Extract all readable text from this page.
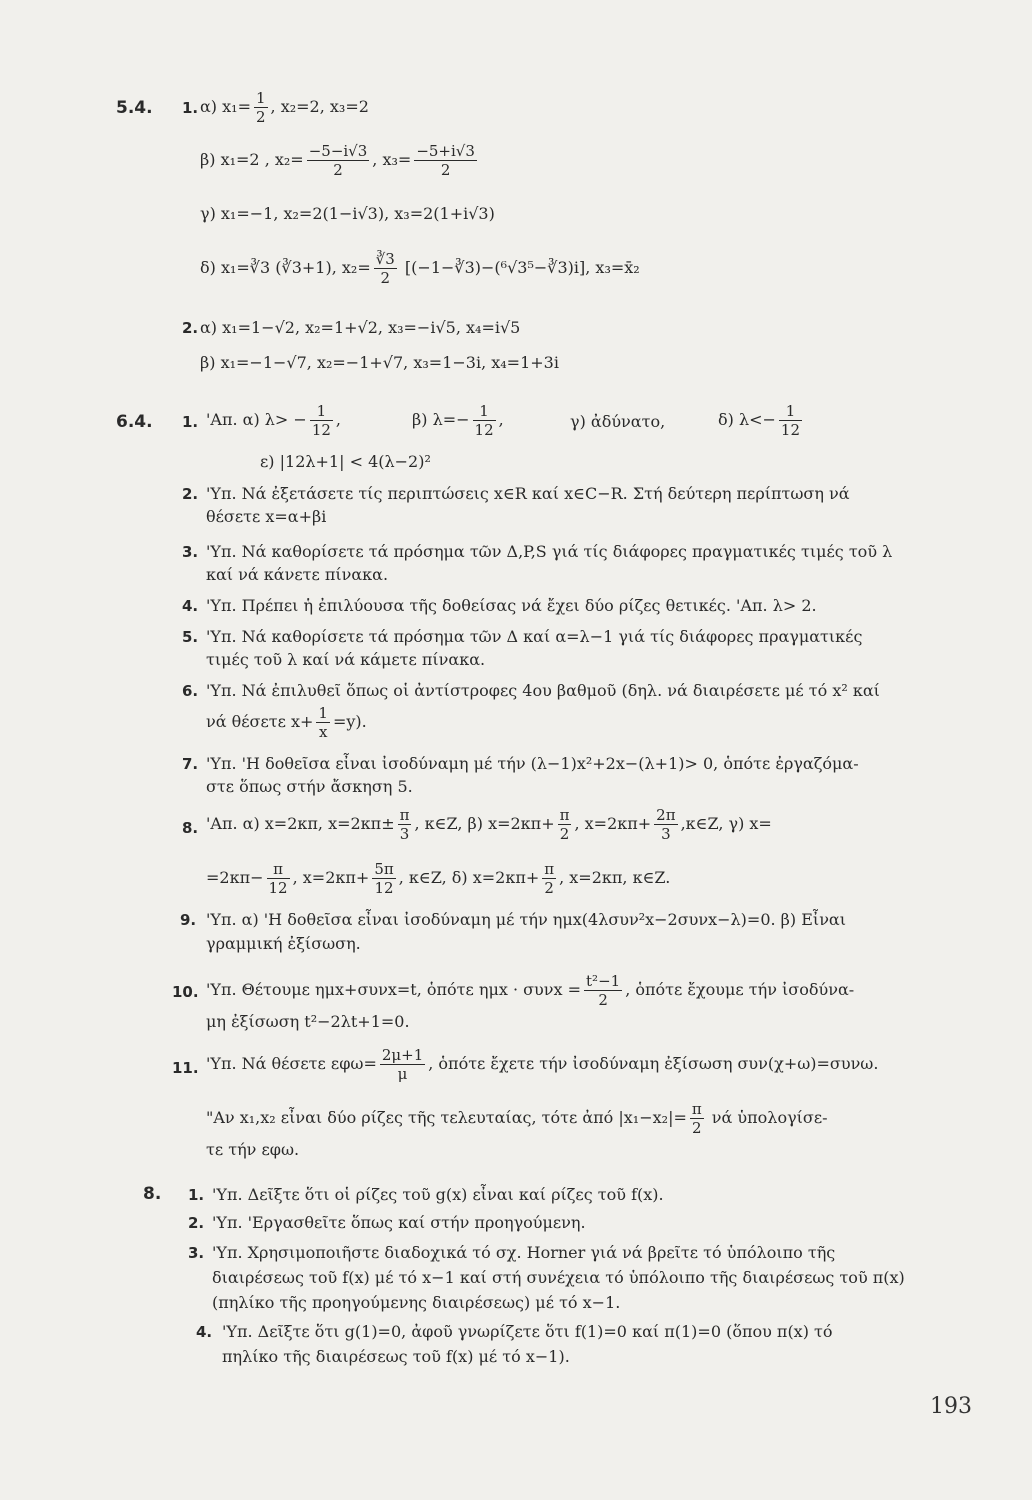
5.4. 1. α) $x_1= \frac{1}{2}$ , x₂=2, x₃=2
β) x₁=2 , $x_2= \frac{-5-i√3}{2}$ , $x_3= \frac{-5+i√3}{2}$
γ) x₁=−1, x₂=2(1−i√3), x₃=2(1+i√3)
δ) x₁=∛3 (∛3+1), $x_2= \frac{∛3}{2}$ [(−1−∛3)−(⁶√3⁵−∛3)i], x₃=x̄₂
2. α) x₁=1−√2, x₂=1+√2, x₃=−i√5, x₄=i√5
β) x₁=−1−√7, x₂=−1+√7, x₃=1−3i, x₄=1+3i
6.4. 1. 'Απ. α) $\lambda> - \frac{1}{12}$ ,	β) $\lambda=- \frac{1}{12}$ ,	γ) ἀδύνατο,	δ) $\lambda<- \frac{1}{12}$
ε) |12λ+1| < 4(λ−2)²
2. 'Υπ. Νά ἐξετάσετε τίς περιπτώσεις x∈R καί x∈C−R. Στή δεύτερη περίπτωση νά
θέσετε x=α+βi
3. 'Υπ. Νά καθορίσετε τά πρόσημα τῶν Δ,P,S γιά τίς διάφορες πραγματικές τιμές τοῦ λ
καί νά κάνετε πίνακα.
4. 'Υπ. Πρέπει ἡ ἐπιλύουσα τῆς δοθείσας νά ἔχει δύο ρίζες θετικές. 'Απ. λ> 2.
5. 'Υπ. Νά καθορίσετε τά πρόσημα τῶν Δ καί α=λ−1 γιά τίς διάφορες πραγματικές
τιμές τοῦ λ καί νά κάμετε πίνακα.
6. 'Υπ. Νά ἐπιλυθεῖ ὅπως οἱ ἀντίστροφες 4ου βαθμοῦ (δηλ. νά διαιρέσετε μέ τό x² καί
νά θέσετε $x+ \frac{1}{x} =y$).
7. 'Υπ. 'Η δοθεῖσα εἶναι ἰσοδύναμη μέ τήν (λ−1)x²+2x−(λ+1)> 0, ὁπότε ἐργαζόμα-
στε ὅπως στήν ἄσκηση 5.
8. 'Απ. α) x=2κπ, $x=2\kappa\pi\pm \frac{\pi}{3}$ , κ∈Z, β) $x=2\kappa\pi+ \frac{\pi}{2}$ , $x=2\kappa\pi+ \frac{2\pi}{3}$ ,κ∈Z, γ) x=
$=2\kappa\pi- \frac{\pi}{12}$ , $x=2\kappa\pi+ \frac{5\pi}{12}$ , κ∈Z, δ) $x=2\kappa\pi+ \frac{\pi}{2}$ , x=2κπ, κ∈Z.
9. 'Υπ. α) 'Η δοθεῖσα εἶναι ἰσοδύναμη μέ τήν ημx(4λσυν²x−2συνx−λ)=0. β) Εἶναι
γραμμική ἐξίσωση.
10. 'Υπ. Θέτουμε ημx+συνx=t, ὁπότε $\eta\mu x \cdot \sigma\upsilon\nu x = \frac{\text{t²−1}}{2}$ , ὁπότε ἔχουμε τήν ἰσοδύνα-
μη ἐξίσωση t²−2λt+1=0.
11. 'Υπ. Νά θέσετε $\varepsilon\varphi\omega= \frac{2\mu+1}{\mu}$ , ὁπότε ἔχετε τήν ἰσοδύναμη ἐξίσωση συν(χ+ω)=συνω.
"Αν x₁,x₂ εἶναι δύο ρίζες τῆς τελευταίας, τότε ἀπό $|x_1-x_2|= \frac{\pi}{2}$ νά ὑπολογίσε-
τε τήν εφω.
8. 1. 'Υπ. Δεῖξτε ὅτι οἱ ρίζες τοῦ g(x) εἶναι καί ρίζες τοῦ f(x).
2. 'Υπ. 'Εργασθεῖτε ὅπως καί στήν προηγούμενη.
3. 'Υπ. Χρησιμοποιῆστε διαδοχικά τό σχ. Horner γιά νά βρεῖτε τό ὑπόλοιπο τῆς
διαιρέσεως τοῦ f(x) μέ τό x−1 καί στή συνέχεια τό ὑπόλοιπο τῆς διαιρέσεως τοῦ π(x)
(πηλίκο τῆς προηγούμενης διαιρέσεως) μέ τό x−1.
4. 'Υπ. Δεῖξτε ὅτι g(1)=0, ἀφοῦ γνωρίζετε ὅτι f(1)=0 καί π(1)=0 (ὅπου π(x) τό
πηλίκο τῆς διαιρέσεως τοῦ f(x) μέ τό x−1).
193
